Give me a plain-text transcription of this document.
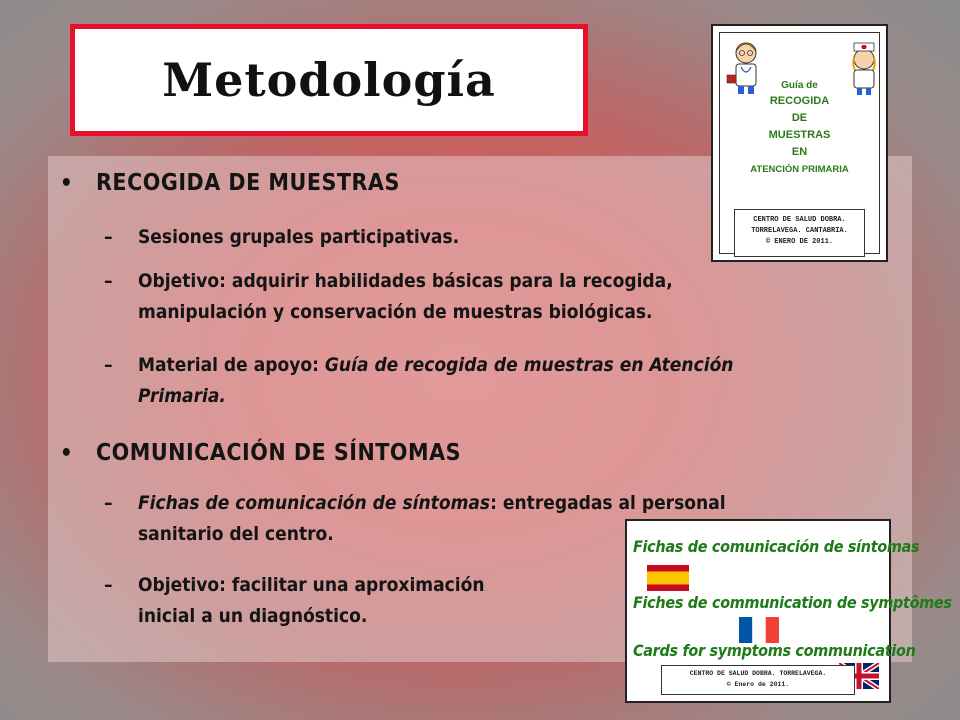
Metodología
• RECOGIDA DE MUESTRAS
–	Sesiones grupales participativas.
–	Objetivo: adquirir habilidades básicas para la recogida,
manipulación y conservación de muestras biológicas.
–	Material de apoyo: Guía de recogida de muestras en Atención
Primaria.
• COMUNICACIÓN DE SÍNTOMAS
–	Fichas de comunicación de síntomas: entregadas al personal
sanitario del centro.
–	Objetivo: facilitar una aproximación
inicial a un diagnóstico.
Guía de
RECOGIDA
DE
MUESTRAS
EN
ATENCIÓN PRIMARIA
CENTRO DE SALUD DOBRA.
TORRELAVEGA. CANTABRIA.
© ENERO DE 2011.
Fichas de comunicación de síntomas
Fiches de communication de symptômes
Cards for symptoms communication
CENTRO DE SALUD DOBRA. TORRELAVEGA.
© Enero de 2011.
